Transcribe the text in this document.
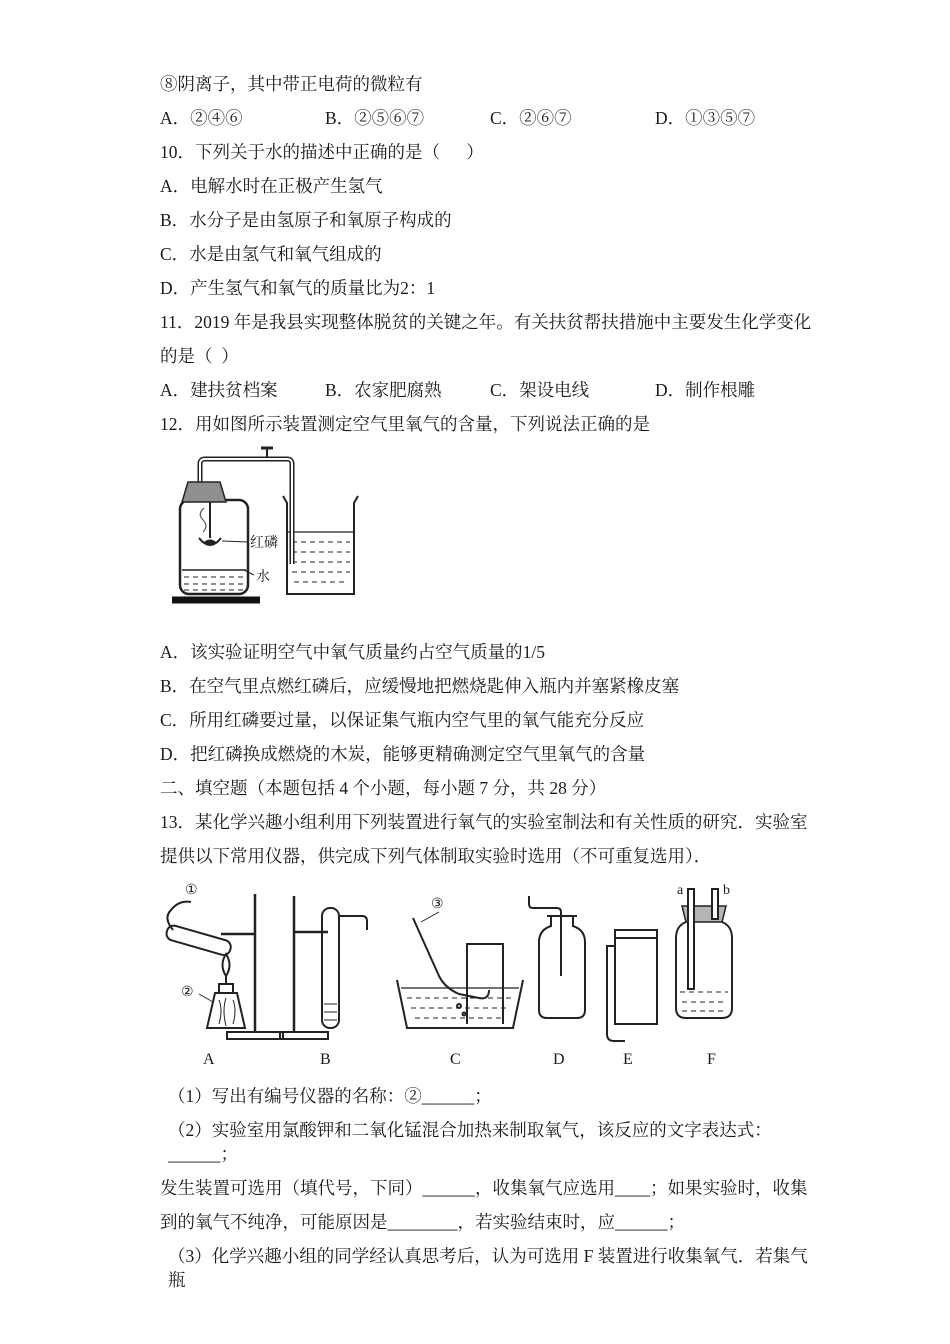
⑧阴离子，其中带正电荷的微粒有
A．②④⑥	B．②⑤⑥⑦	C．②⑥⑦	D．①③⑤⑦
10．下列关于水的描述中正确的是（      ）
A．电解水时在正极产生氢气
B．水分子是由氢原子和氧原子构成的
C．水是由氢气和氧气组成的
D．产生氢气和氧气的质量比为2：1
11．2019 年是我县实现整体脱贫的关键之年。有关扶贫帮扶措施中主要发生化学变化
的是（  ）
A．建扶贫档案	B．农家肥腐熟	C．架设电线	D．制作根雕
12．用如图所示装置测定空气里氧气的含量，下列说法正确的是
红磷
水
A．该实验证明空气中氧气质量约占空气质量的1/5
B．在空气里点燃红磷后，应缓慢地把燃烧匙伸入瓶内并塞紧橡皮塞
C．所用红磷要过量，以保证集气瓶内空气里的氧气能充分反应
D．把红磷换成燃烧的木炭，能够更精确测定空气里氧气的含量
二、填空题（本题包括 4 个小题，每小题 7 分，共 28 分）
13．某化学兴趣小组利用下列装置进行氧气的实验室制法和有关性质的研究．实验室
提供以下常用仪器，供完成下列气体制取实验时选用（不可重复选用）．
①
②
③
a	b
A	B	C	D	E	F
（1）写出有编号仪器的名称：②______；
（2）实验室用氯酸钾和二氧化锰混合加热来制取氧气，该反应的文字表达式：______；
发生装置可选用（填代号，下同）______，收集氧气应选用____；如果实验时，收集
到的氧气不纯净，可能原因是________，若实验结束时，应______；
（3）化学兴趣小组的同学经认真思考后，认为可选用 F 装置进行收集氧气．若集气瓶
